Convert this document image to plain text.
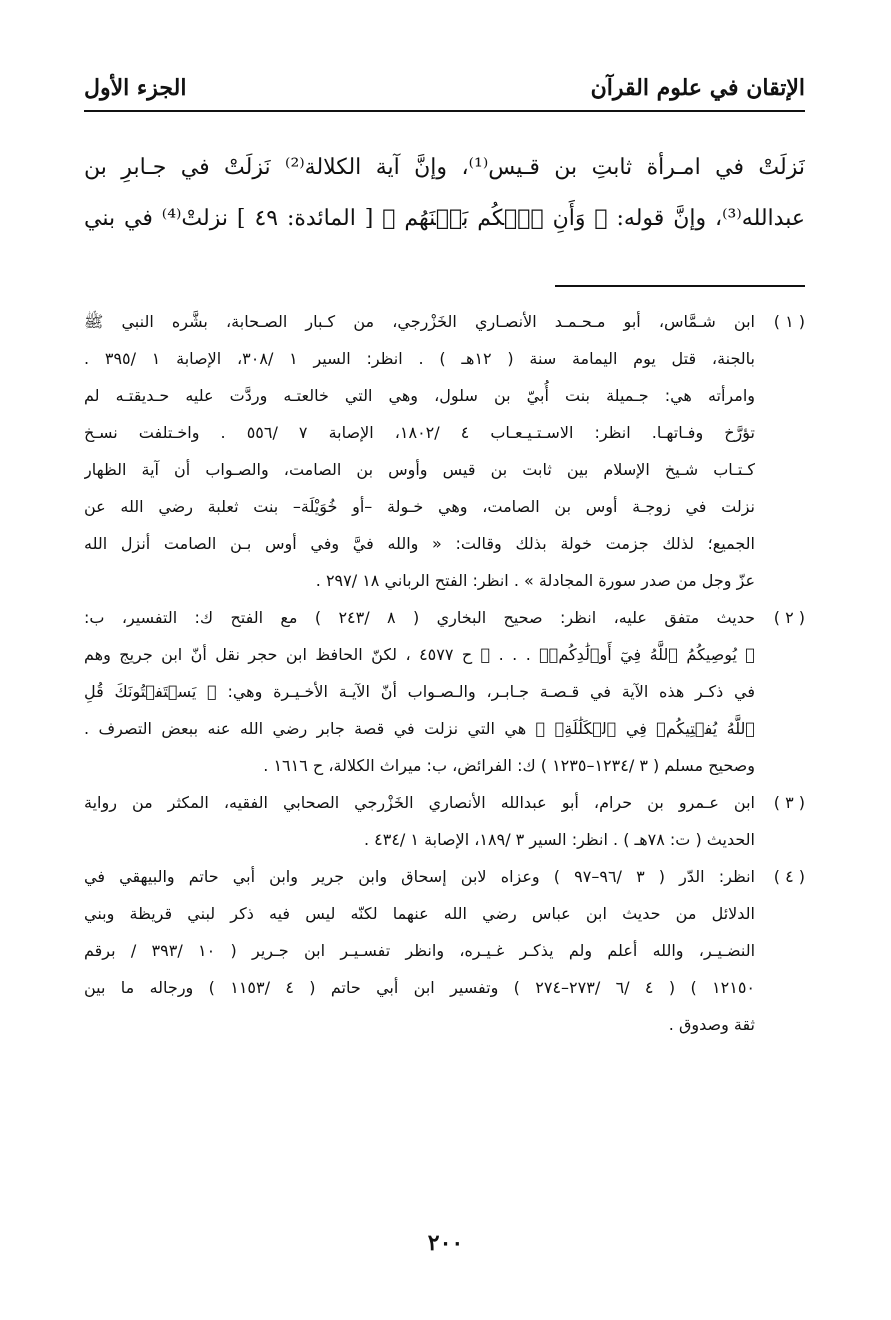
الإتقان في علوم القرآن
الجزء الأول

نَزلَتْ في امـرأة ثابتِ بن قـيس⁽¹⁾، وإنَّ آية الكلالة⁽²⁾ نَزلَتْ في جـابرِ بن

عبدالله⁽³⁾، وإنَّ قوله: ﴿ وَأَنِ ٱحۡكُم بَيۡنَهُم ﴾ [ المائدة: ٤٩ ] نزلتْ⁽⁴⁾ في بني

( ١ )
ابن شـمَّاس، أبو مـحـمـد الأنصـاري الخَزْرجي، من كـبار الصـحابة، بشَّره النبي ﷺ
بالجنة، قتل يوم اليمامة سنة ( ١٢هـ ) . انظر: السير ١ /٣٠٨، الإصابة ١ /٣٩٥ .
وامرأته هي: جـميلة بنت أُبيّ بن سلول، وهي التي خالعتـه وردَّت عليه حـديقتـه لم
تؤرَّخ وفـاتهـا. انظر: الاسـتـيـعـاب ٤ /١٨٠٢، الإصابة ٧ /٥٥٦ . واخـتلفت نسـخ
كـتـاب شـيخ الإسلام بين ثابت بن قيس وأوس بن الصامت، والصـواب أن آية الظهار
نزلت في زوجـة أوس بن الصامت، وهي خـولة –أو خُوَيْلَة– بنت ثعلبة رضي الله عن
الجميع؛ لذلك جزمت خولة بذلك وقالت: « والله فيَّ وفي أوس بـن الصامت أنزل الله
عزّ وجل من صدر سورة المجادلة » . انظر: الفتح الرباني ١٨ /٢٩٧ .
( ٢ )
حديث متفق عليه، انظر: صحيح البخاري ( ٨ /٢٤٣ ) مع الفتح ك: التفسير، ب:
﴿ يُوصِيكُمُ ٱللَّهُ فِيٓ أَوۡلَٰدِكُمۡۖ . . . ﴾ ح ٤٥٧٧ ، لكنّ الحافظ ابن حجر نقل أنّ ابن جريج وهم
في ذكـر هذه الآية في قـصـة جـابـر، والـصـواب أنّ الآيـة الأخـيـرة وهي: ﴿ يَسۡتَفۡتُونَكَ قُلِ
ٱللَّهُ يُفۡتِيكُمۡ فِي ٱلۡكَلَٰلَةِۚ ﴾ هي التي نزلت في قصة جابر رضي الله عنه ببعض التصرف .
وصحيح مسلم ( ٣ /١٢٣٤–١٢٣٥ ) ك: الفرائض، ب: ميراث الكلالة، ح ١٦١٦ .
( ٣ )
ابن عـمرو بن حرام، أبو عبدالله الأنصاري الخَزْرجي الصحابي الفقيه، المكثر من رواية
الحديث ( ت: ٧٨هـ ) . انظر: السير ٣ /١٨٩، الإصابة ١ /٤٣٤ .
( ٤ )
انظر: الدّر ( ٣ /٩٦–٩٧ ) وعزاه لابن إسحاق وابن جرير وابن أبي حاتم والبيهقي في
الدلائل من حديث ابن عباس رضي الله عنهما لكنّه ليس فيه ذكر لبني قريظة وبني
النضـيـر، والله أعلم ولم يذكـر غـيـره، وانظر تفسـيـر ابن جـرير ( ١٠ /٣٩٣ / برقم
١٢١٥٠ ) ( ٤ /٦ /٢٧٣–٢٧٤ ) وتفسير ابن أبي حاتم ( ٤ /١١٥٣ ) ورجاله ما بين
ثقة وصدوق .
٢٠٠
